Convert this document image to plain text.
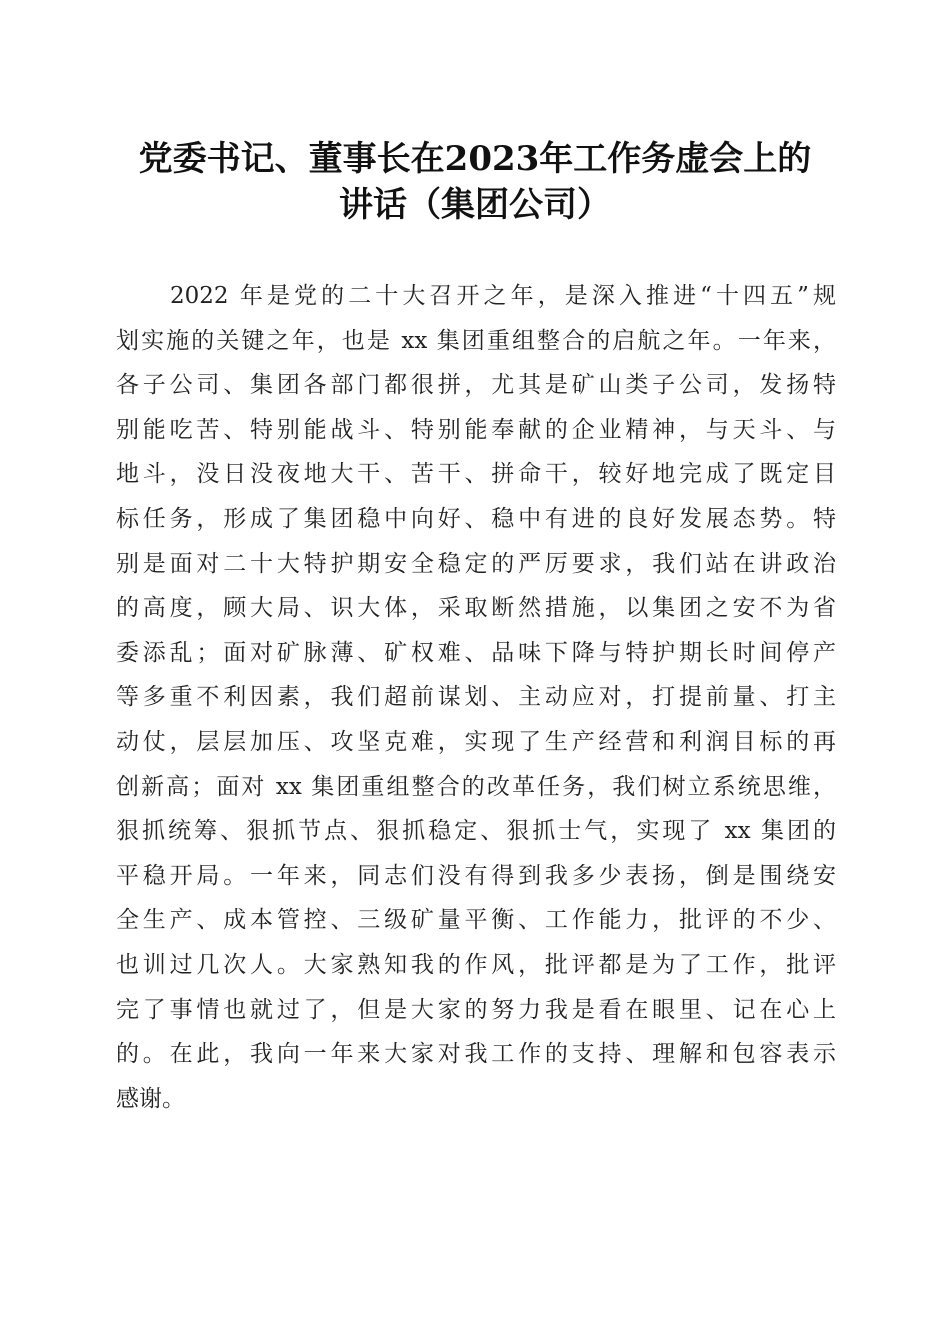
党委书记、董事长在2023年工作务虚会上的
讲话（集团公司）
2022 年是党的二十大召开之年，是深入推进“十四五”规
划实施的关键之年，也是 xx 集团重组整合的启航之年。一年来，
各子公司、集团各部门都很拼，尤其是矿山类子公司，发扬特
别能吃苦、特别能战斗、特别能奉献的企业精神，与天斗、与
地斗，没日没夜地大干、苦干、拼命干，较好地完成了既定目
标任务，形成了集团稳中向好、稳中有进的良好发展态势。特
别是面对二十大特护期安全稳定的严厉要求，我们站在讲政治
的高度，顾大局、识大体，采取断然措施，以集团之安不为省
委添乱；面对矿脉薄、矿权难、品味下降与特护期长时间停产
等多重不利因素，我们超前谋划、主动应对，打提前量、打主
动仗，层层加压、攻坚克难，实现了生产经营和利润目标的再
创新高；面对 xx 集团重组整合的改革任务，我们树立系统思维，
狠抓统筹、狠抓节点、狠抓稳定、狠抓士气，实现了 xx 集团的
平稳开局。一年来，同志们没有得到我多少表扬，倒是围绕安
全生产、成本管控、三级矿量平衡、工作能力，批评的不少、
也训过几次人。大家熟知我的作风，批评都是为了工作，批评
完了事情也就过了，但是大家的努力我是看在眼里、记在心上
的。在此，我向一年来大家对我工作的支持、理解和包容表示
感谢。
